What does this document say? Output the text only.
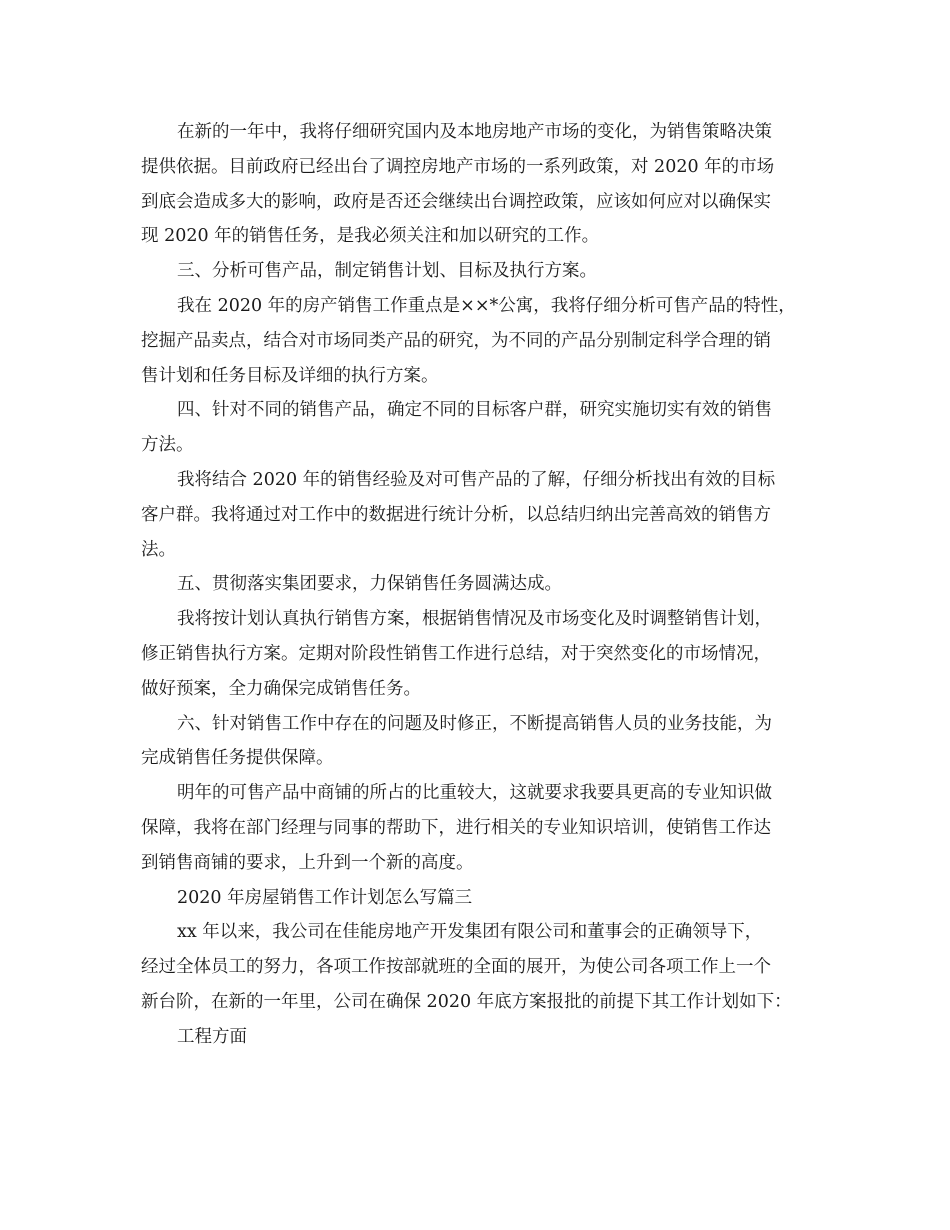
在新的一年中，我将仔细研究国内及本地房地产市场的变化，为销售策略决策
提供依据。目前政府已经出台了调控房地产市场的一系列政策，对 2020 年的市场
到底会造成多大的影响，政府是否还会继续出台调控政策，应该如何应对以确保实
现 2020 年的销售任务，是我必须关注和加以研究的工作。
三、分析可售产品，制定销售计划、目标及执行方案。
我在 2020 年的房产销售工作重点是××*公寓，我将仔细分析可售产品的特性，
挖掘产品卖点，结合对市场同类产品的研究，为不同的产品分别制定科学合理的销
售计划和任务目标及详细的执行方案。
四、针对不同的销售产品，确定不同的目标客户群，研究实施切实有效的销售
方法。
我将结合 2020 年的销售经验及对可售产品的了解，仔细分析找出有效的目标
客户群。我将通过对工作中的数据进行统计分析，以总结归纳出完善高效的销售方
法。
五、贯彻落实集团要求，力保销售任务圆满达成。
我将按计划认真执行销售方案，根据销售情况及市场变化及时调整销售计划，
修正销售执行方案。定期对阶段性销售工作进行总结，对于突然变化的市场情况，
做好预案，全力确保完成销售任务。
六、针对销售工作中存在的问题及时修正，不断提高销售人员的业务技能，为
完成销售任务提供保障。
明年的可售产品中商铺的所占的比重较大，这就要求我要具更高的专业知识做
保障，我将在部门经理与同事的帮助下，进行相关的专业知识培训，使销售工作达
到销售商铺的要求，上升到一个新的高度。
2020 年房屋销售工作计划怎么写篇三
xx 年以来，我公司在佳能房地产开发集团有限公司和董事会的正确领导下，
经过全体员工的努力，各项工作按部就班的全面的展开，为使公司各项工作上一个
新台阶，在新的一年里，公司在确保 2020 年底方案报批的前提下其工作计划如下：
工程方面
